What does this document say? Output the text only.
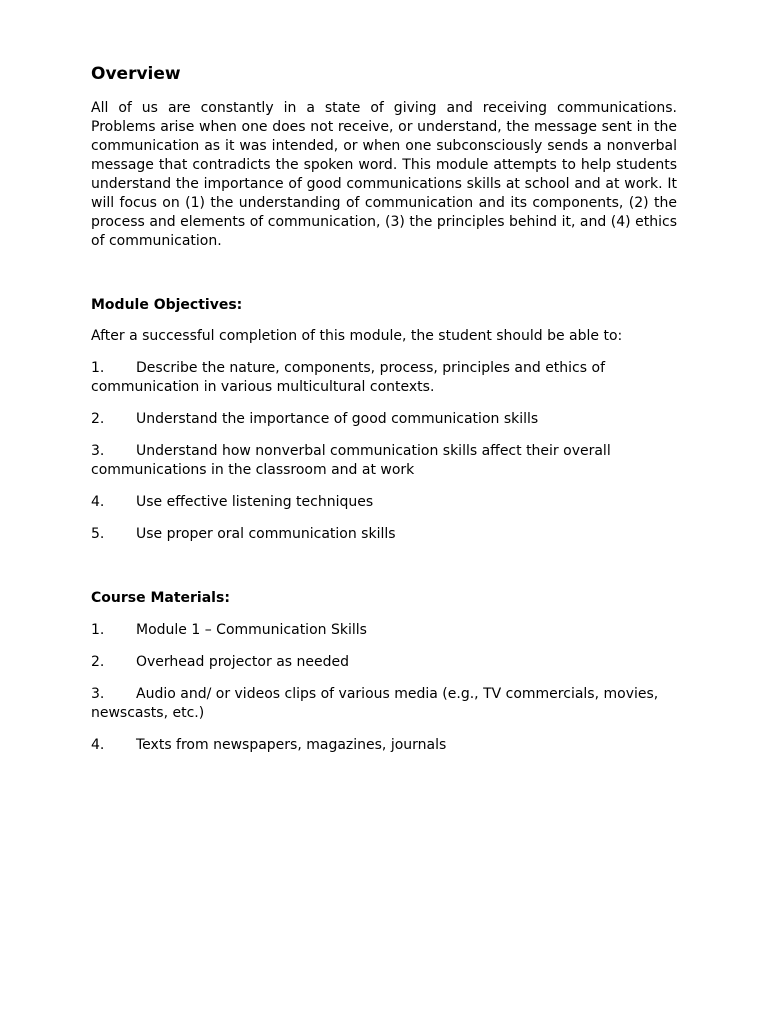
Overview

All of us are constantly in a state of giving and receiving communications. Problems arise when one does not receive, or understand, the message sent in the communication as it was intended, or when one subconsciously sends a nonverbal message that contradicts the spoken word. This module attempts to help students understand the importance of good communications skills at school and at work. It will focus on (1) the understanding of communication and its components, (2) the process and elements of communication, (3) the principles behind it, and (4) ethics of communication.

Module Objectives:

After a successful completion of this module, the student should be able to:

1. Describe the nature, components, process, principles and ethics of communication in various multicultural contexts.

2. Understand the importance of good communication skills

3. Understand how nonverbal communication skills affect their overall communications in the classroom and at work

4. Use effective listening techniques

5. Use proper oral communication skills

Course Materials:

1. Module 1 – Communication Skills

2. Overhead projector as needed

3. Audio and/ or videos clips of various media (e.g., TV commercials, movies, newscasts, etc.)

4. Texts from newspapers, magazines, journals
